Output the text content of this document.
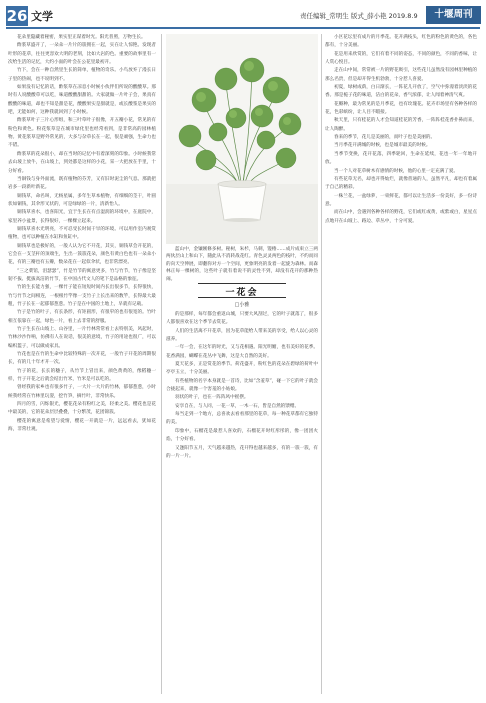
26 文学	责任编辑_常明生 版式_薛小艳 2019.8.9	十堰周刊

花朵里隐藏着秘密，果实里正谋着时光。阳光普照，万物生长。

酢浆草盛开了，一朵朵一片片的簇拥在一起，实在让人惊艳。发现者叶形的花草，往往更容欢大明的老刻，比如大岩的色。重要的故事里有一次给生活的记忆，大约小面的叶会在公花里最初开。

竹下，会在一种自然里生长的简单，植物的奇乐。小鸟放弃了漫长日子里的热闹，也不说明到不。

如果没有记忆的话，酢浆草在凉息小时候小伙伴们所说的酸酸草。那时有人说酸酸草可以吃，味道酸酸甜甜的。大家就做一片叶子会，果真有酸酸的味道，却也不知是甜是花，酸酸果实是甜就是，或长酸浆是果实的吧，无能如何，这种我就回到了小时候。

酢浆草叶子三片心形组，和三叶草叶子很像，开五瓣小花，常见的有粉色和黄色。粉花浆草是在城市绿化里也经常看到，是非常高的园林植物。黄花浆草是野外常见的，大多与杂草长在一起，很是顽强，生命力也不错。

酢浆草的花朵很小，却在当时的记忆中有着深刻的印象。小时候我常去山坡上放牛，在山坡上，到处都是这样的小花，采一大把放在手里，十分好看。

当铜钱与身外面流，既有植物的芬芳，又有旧时泥尘的气息。那就把岩多一段新叶新花。

铜钱草，命名叫，无杨星属，多年生草本植物，有细细的茎干，叶圆状如铜钱，其伞形叉状的，可是绿绿的一片，清新怡人。

铜钱草喜水，也喜阳光，宜于生长在有点湿润的环境中，在庭院中，家里养小盆景，长得很好，一棵棵立起来。

铜钱草喜水光明亮，不可忍受长时间干旱的环境。可以用作室内观赏植物，也可以种植在水缸和鱼缸中。

铜钱草也是极好的，一般人认为它不开花，其实，铜钱草会开花的，它会在一支茎秆的顶端生，生出一簇簇花朵，颜色有黄白色也有一朵朵小花，有的三瓣也有五瓣，数朵花在一起似伞状，也非常漂亮。

“三之菜馆，泪瑟瑟”，竹是竹节的寓意更多，竹与竹节，竹子像是坚韧不拔、挺拔高洁的竹节，在中国古代文人的笔下是品格的象征。

竹的生长能力强，一棵竹子能在短短时间内长出很多节，长得很快，竹与竹节之间相连，一根根竹竿像一支竹子上长出来的数竿，长得最大最粗，竹子长在一起郁郁葱葱。竹子是在中国的土地上，早就有记载。

竹子是竹的叶子，有长条形，有矩圆形，有很窄的也有很宽的。竹叶相互依靠在一起，绿色一片，看上去非常的舒服。

竹子生长在山坡上、山谷里，一片竹林常常看上去特别美，风起时，竹林沙沙作响，仿佛有人在说话，很美的意境，竹子的用途也很广，可以编织篮子，可以做成家具。

竹花也是在竹的生命中比较特殊的一次开花，一般竹子开花的周期很长，有的几十年才开一次。

竹子的花，长长的穗子，从竹节上冒出来，颜色黄黄的，像稻穗一样，竹子开花之后就会结出竹米，竹米是可以吃的。

曾经我的家乡也有很多竹子，一大片一大片的竹林，郁郁葱葱，小时候我经常在竹林里玩耍，挖竹笋，摘竹叶，非常快乐。

四月的雪，闪烁银光，樱花花朵有粉红之美，轻柔之美。樱花也是花中最美的，它的花朵层层叠叠，十分繁茂，花团锦簇。

樱花的寓意是希望与爱情，樱花一开就是一片，远远看去，犹如花海，非常壮观。

蓝山中，金镶刚修多树。秘树，朱杉，马刺，馒椿……成片成束立三两两伙层山上和山下，随此从不消转战花红。青色灵灵两色的枝叶，不约而同的向天空伸展，即翻你对方一个空间，更象明亮的发着一起旋为森林。而森林正每一棵树的，这些叶子就有着说不的灵性不到，却没有花开的那种热闹。

一花会
□小雅

的是那样，每年都会重返山城，只要大风刮过，它的叶子就落了，很多人都很喜欢在这个季节去赏花。

人们的生活离不开花草，因为花草能给人带来美的享受，给人以心灵的滋养。

一年一会，在这年的时光，又与花相遇。阳光明媚，也有美好的花季。花香满园，蝴蝶在花丛中飞舞，这是大自然的美好。

夏天花多，正是赏花的季节。荷花盛开，粉红色的花朵在碧绿的荷叶中亭亭玉立，十分美丽。

有些植物的名字本身就是一首诗，比如“含羞草”，碰一下它的叶子就会合拢起来，就像一个害羞的小姑娘。

羽状的叶子，也在一阵阵风中摇摆。

安享自在，与人同，一花一草，一木一石，皆是自然的馈赠。

每当走到一个地方，总喜欢去看看那里的花草，每一种花草都有它独特的美。

印象中，石榴花是最惹人喜欢的，石榴花开时红彤彤的，像一团团火焰，十分好看。

又逢阳节五月，天气越来越热，花开得也越来越多，有的一簇一簇，有的一片一片。

小区花坛里有成片的月季花。花开满枝头，红色的粉色的黄色的，各色都有，十分美丽。

花是用来欣赏的，它们有着不同的姿态，不同的颜色，不同的香味，让人赏心悦目。

走在山中间，常常被一片的野花吸引，这些花儿虽然没有园林里种植的那么名贵，但是却开得生机勃勃，十分惹人喜爱。

初夏，绿树成荫，白日渐长，一阵花儿开放了，空气中弥漫着淡淡的花香。那是栀子花的味道，洁白的花朵，香气浓郁，让人闻着神清气爽。

花瓣种，最为常见的是月季花，也有玫瑰花。花卉市场里有各种各样的花，色彩缤纷，让人目不暇接。

秋天里，只有桂花的人才会知道桂花的芳香，一阵阵桂花香扑鼻而来，让人陶醉。

春来的季节，花儿是美丽的，而叶子也是美丽的。

当月季花开满城的时候，也是城市最美的时候。

当季节变换，花开花落，四季轮回，生命在延续，花也一年一年地开放。

当一个人对花草树木有感情的时候，他的心里一定充满了爱。

有些花草无名，却也开得灿烂，就像普通的人，虽然平凡，却也有着属于自己的精彩。

一株兰花，一盆绿萝，一束鲜花，都可以让生活多一份美好，多一份诗意。

而在山中，会遇到各种各样的野花，它们或红或黄，或紫或白，星星点点地开在山坡上、路边、草丛中，十分可爱。
